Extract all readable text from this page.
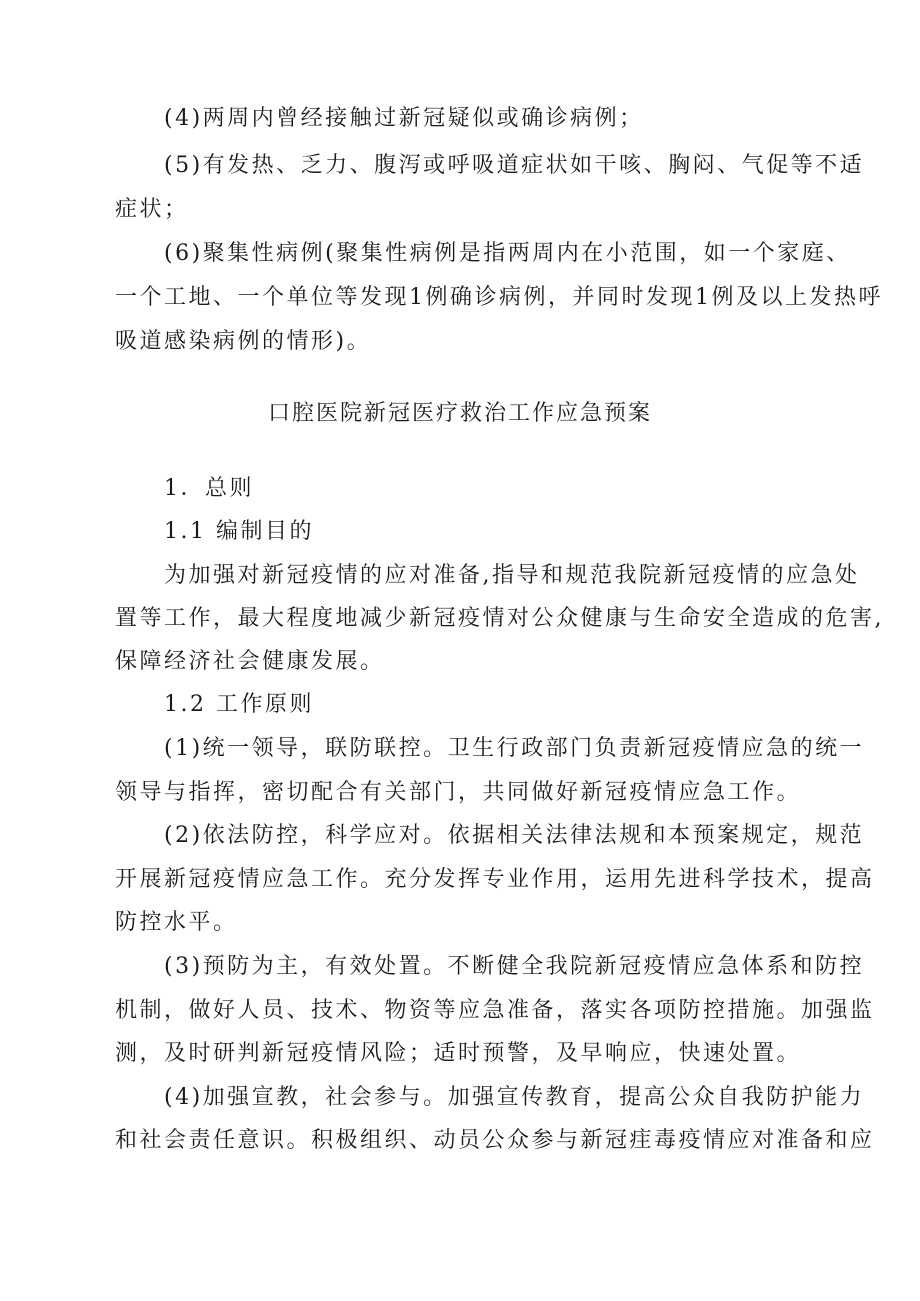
(4)两周内曾经接触过新冠疑似或确诊病例；
(5)有发热、乏力、腹泻或呼吸道症状如干咳、胸闷、气促等不适
症状；
(6)聚集性病例(聚集性病例是指两周内在小范围，如一个家庭、
一个工地、一个单位等发现1例确诊病例，并同时发现1例及以上发热呼
吸道感染病例的情形)。
口腔医院新冠医疗救治工作应急预案
1．总则
1.1 编制目的
为加强对新冠疫情的应对准备,指导和规范我院新冠疫情的应急处
置等工作，最大程度地减少新冠疫情对公众健康与生命安全造成的危害,
保障经济社会健康发展。
1.2 工作原则
(1)统一领导，联防联控。卫生行政部门负责新冠疫情应急的统一
领导与指挥，密切配合有关部门，共同做好新冠疫情应急工作。
(2)依法防控，科学应对。依据相关法律法规和本预案规定，规范
开展新冠疫情应急工作。充分发挥专业作用，运用先进科学技术，提高
防控水平。
(3)预防为主，有效处置。不断健全我院新冠疫情应急体系和防控
机制，做好人员、技术、物资等应急准备，落实各项防控措施。加强监
测，及时研判新冠疫情风险；适时预警，及早响应，快速处置。
(4)加强宣教，社会参与。加强宣传教育，提高公众自我防护能力
和社会责任意识。积极组织、动员公众参与新冠疰毒疫情应对准备和应
